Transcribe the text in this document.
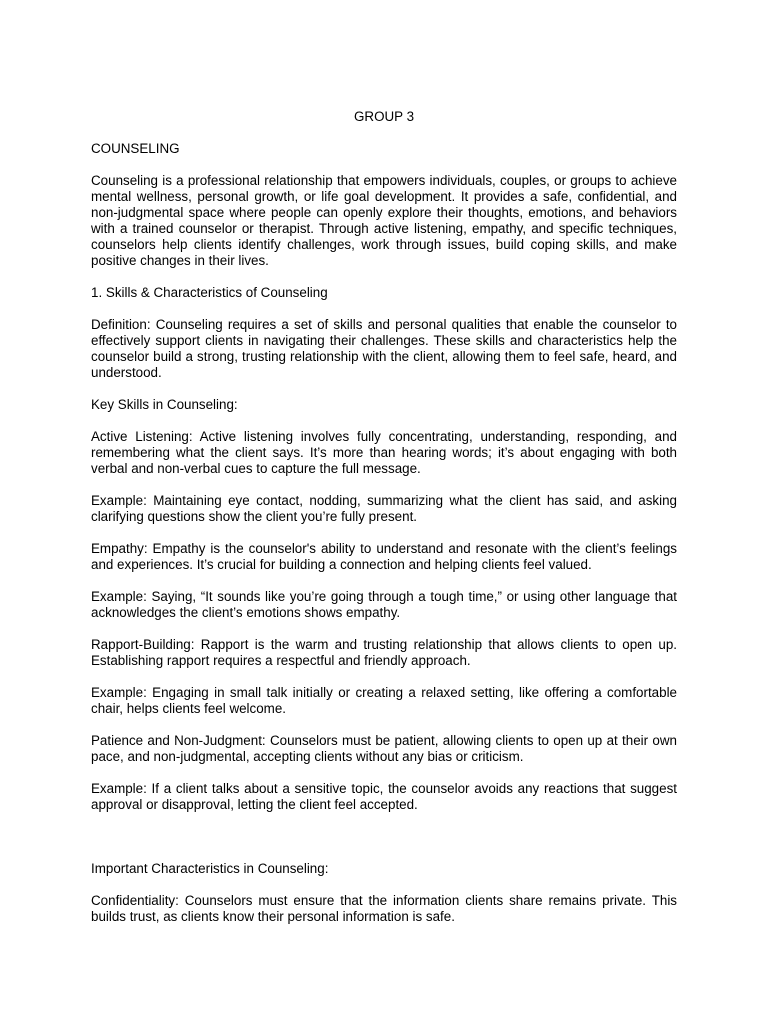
GROUP 3
COUNSELING
Counseling is a professional relationship that empowers individuals, couples, or groups to achieve mental wellness, personal growth, or life goal development. It provides a safe, confidential, and non-judgmental space where people can openly explore their thoughts, emotions, and behaviors with a trained counselor or therapist. Through active listening, empathy, and specific techniques, counselors help clients identify challenges, work through issues, build coping skills, and make positive changes in their lives.
1. Skills & Characteristics of Counseling
Definition: Counseling requires a set of skills and personal qualities that enable the counselor to effectively support clients in navigating their challenges. These skills and characteristics help the counselor build a strong, trusting relationship with the client, allowing them to feel safe, heard, and understood.
Key Skills in Counseling:
Active Listening: Active listening involves fully concentrating, understanding, responding, and remembering what the client says. It’s more than hearing words; it’s about engaging with both verbal and non-verbal cues to capture the full message.
Example: Maintaining eye contact, nodding, summarizing what the client has said, and asking clarifying questions show the client you’re fully present.
Empathy: Empathy is the counselor's ability to understand and resonate with the client’s feelings and experiences. It’s crucial for building a connection and helping clients feel valued.
Example: Saying, “It sounds like you’re going through a tough time,” or using other language that acknowledges the client’s emotions shows empathy.
Rapport-Building: Rapport is the warm and trusting relationship that allows clients to open up. Establishing rapport requires a respectful and friendly approach.
Example: Engaging in small talk initially or creating a relaxed setting, like offering a comfortable chair, helps clients feel welcome.
Patience and Non-Judgment: Counselors must be patient, allowing clients to open up at their own pace, and non-judgmental, accepting clients without any bias or criticism.
Example: If a client talks about a sensitive topic, the counselor avoids any reactions that suggest approval or disapproval, letting the client feel accepted.
Important Characteristics in Counseling:
Confidentiality: Counselors must ensure that the information clients share remains private. This builds trust, as clients know their personal information is safe.
